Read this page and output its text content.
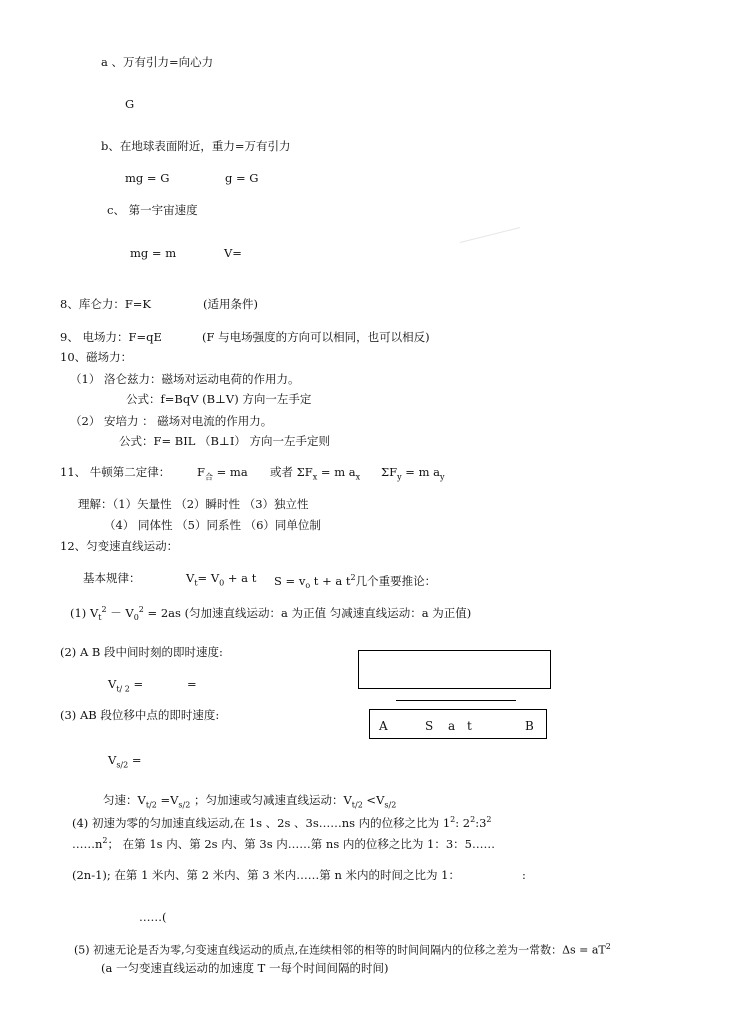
a 、万有引力=向心力
G
b、在地球表面附近，重力=万有引力
mg = G	g = G
c、 第一宇宙速度
mg = m	V=
8、库仑力：F=K	(适用条件)
9、 电场力：F=qE	(F 与电场强度的方向可以相同，也可以相反)
10、磁场力：
（1） 洛仑兹力：磁场对运动电荷的作用力。
公式：f=BqV (B⊥V) 方向一左手定
（2） 安培力 ： 磁场对电流的作用力。
公式：F= BIL （B⊥I） 方向一左手定则
11、 牛顿第二定律： $F_合$ = ma 或者 $\Sigma F_x = m$ $a_x$ $\Sigma F_y = m$ $a_y$
理解：（1）矢量性 （2）瞬时性 （3）独立性
（4） 同体性 （5）同系性 （6）同单位制
12、匀变速直线运动：
基本规律：	$V_t= V_0 + a$ t $S = v_o$ t + a $t^2$几个重要推论：
(1) $V_t^2 - V_0^2 = 2as$ (匀加速直线运动：a 为正值 匀减速直线运动：a 为正值)
(2) A B 段中间时刻的即时速度:
$V_{t/ 2}$ =	=
(3) AB 段位移中点的即时速度:
A	S a t	B
$V_{s/2}$ =
匀速：$V_{t/2} =V_{s/2}$ ；匀加速或匀减速直线运动：$V_{t/2} <V_{s/2}$
(4) 初速为零的匀加速直线运动,在 1s 、2s 、3s……ns 内的位移之比为 $1^2$: $2^2:3^2$
$\dots\dots n^2$； 在第 1s 内、第 2s 内、第 3s 内……第 ns 内的位移之比为 1：3：5……
(2n-1); 在第 1 米内、第 2 米内、第 3 米内……第 n 米内的时间之比为 1：	:
……(
(5) 初速无论是否为零,匀变速直线运动的质点,在连续相邻的相等的时间间隔内的位移之差为一常数：$\Delta s = aT^2$
(a 一匀变速直线运动的加速度 T 一每个时间间隔的时间)
